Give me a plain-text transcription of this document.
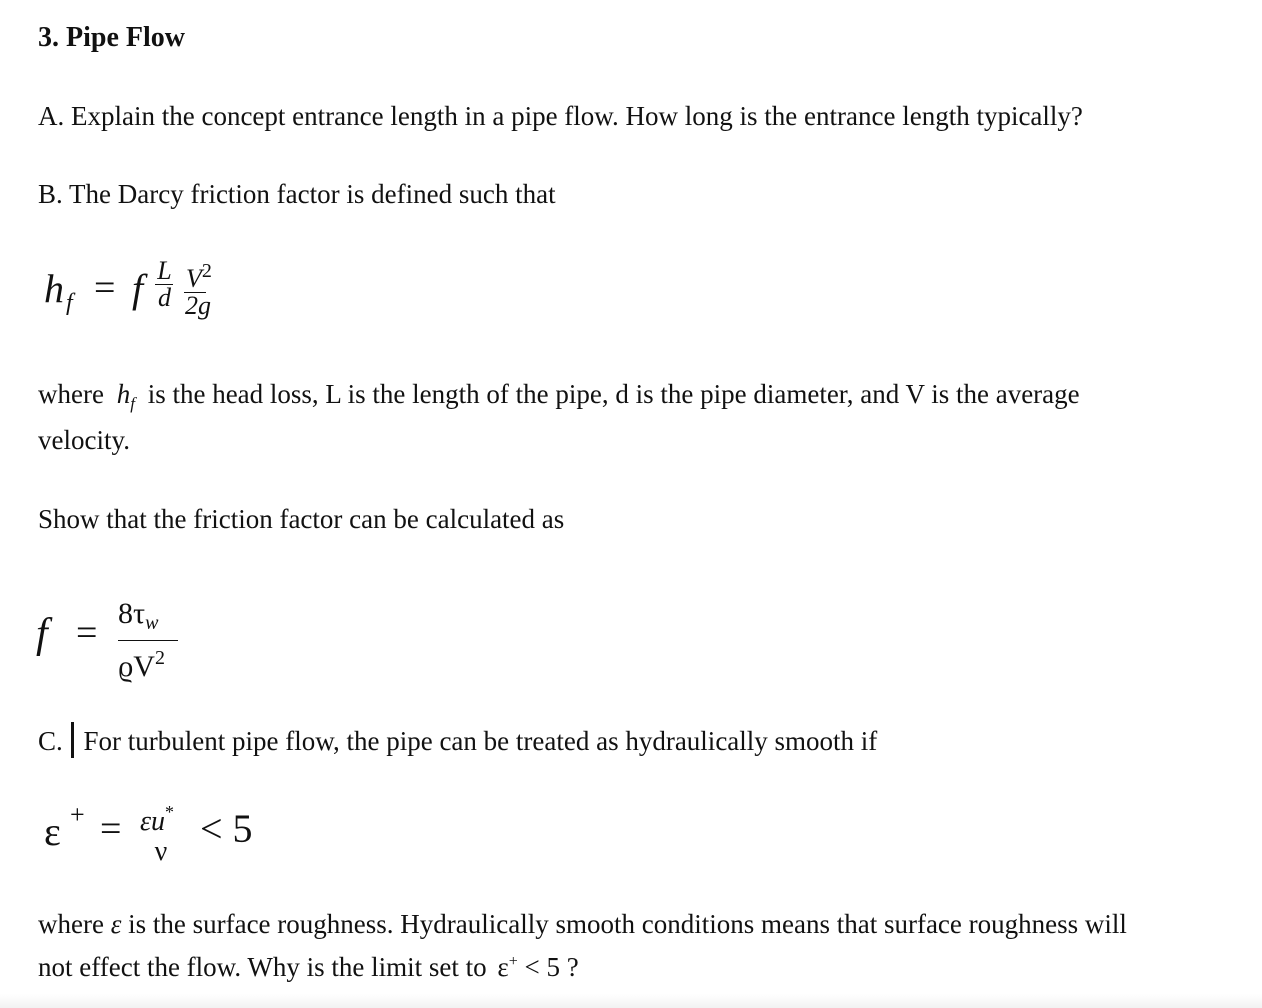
3. Pipe Flow
A. Explain the concept entrance length in a pipe flow. How long is the entrance length typically?
B. The Darcy friction factor is defined such that
h f = f L
d
$V^2$
2g
where $h_f$ is the head loss, L is the length of the pipe, d is the pipe diameter, and V is the average
velocity.
Show that the friction factor can be calculated as
$f = 8\tau_w$
$ϱV^2$
C. For turbulent pipe flow, the pipe can be treated as hydraulically smooth if
ε + = εu*
ν
< 5
where ε is the surface roughness. Hydraulically smooth conditions means that surface roughness will
not effect the flow. Why is the limit set to ε+ < 5 ?
